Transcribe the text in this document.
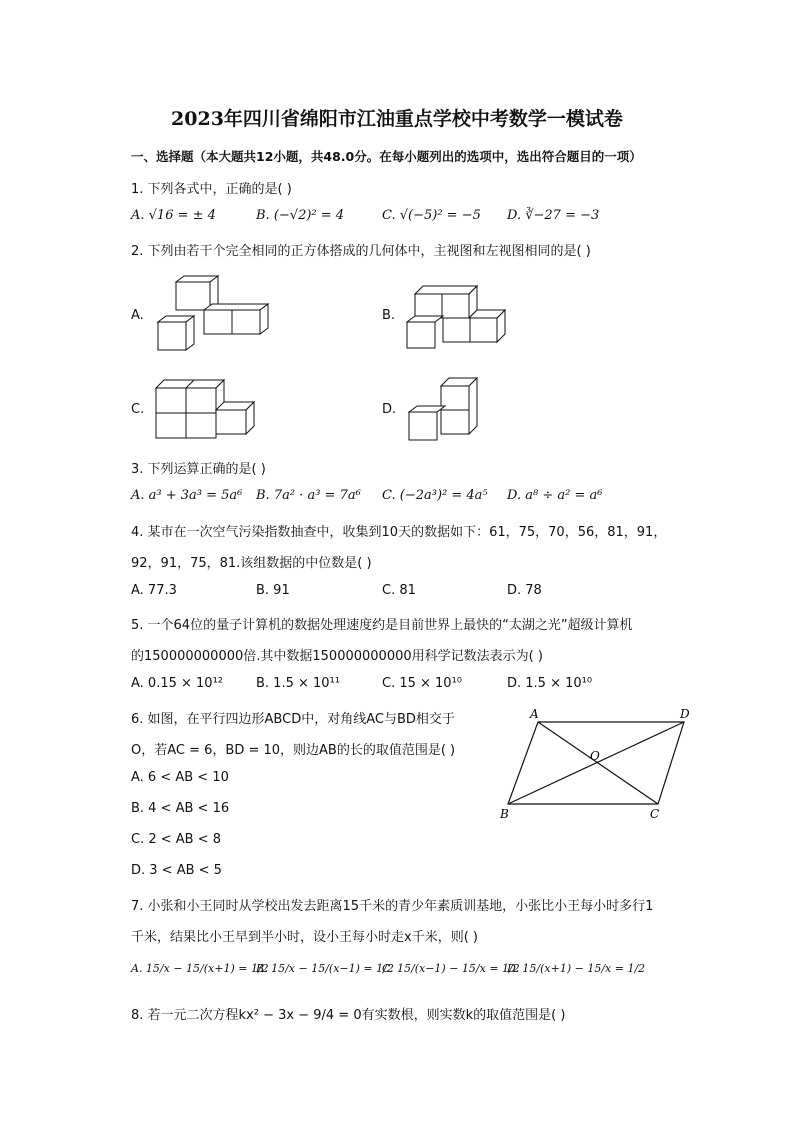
2023年四川省绵阳市江油重点学校中考数学一模试卷
一、选择题（本大题共12小题，共48.0分。在每小题列出的选项中，选出符合题目的一项）
1. 下列各式中，正确的是( )
A. √16 = ± 4	B. (−√2)² = 4	C. √(−5)² = −5 D. ∛−27 = −3
2. 下列由若干个完全相同的正方体搭成的几何体中，主视图和左视图相同的是( )
A.	B.
C.	D.
3. 下列运算正确的是( )
A. a³ + 3a³ = 5a⁶ B. 7a² · a³ = 7a⁶ C. (−2a³)² = 4a⁵ D. a⁸ ÷ a² = a⁶
4. 某市在一次空气污染指数抽查中，收集到10天的数据如下：61，75，70，56，81，91，
92，91，75，81.该组数据的中位数是( )
A. 77.3	B. 91	C. 81	D. 78
5. 一个64位的量子计算机的数据处理速度约是目前世界上最快的“太湖之光”超级计算机
的150000000000倍.其中数据150000000000用科学记数法表示为( )
A. 0.15 × 10¹²	B. 1.5 × 10¹¹	C. 15 × 10¹⁰	D. 1.5 × 10¹⁰
6. 如图，在平行四边形ABCD中，对角线AC与BD相交于
O，若AC = 6，BD = 10，则边AB的长的取值范围是( )
A. 6 < AB < 10
B. 4 < AB < 16
C. 2 < AB < 8
D. 3 < AB < 5
A	D
B	C
O
7. 小张和小王同时从学校出发去距离15千米的青少年素质训基地，小张比小王每小时多行1
千米，结果比小王早到半小时，设小王每小时走x千米，则( )
A. 15/x − 15/(x+1) = 1/2
B. 15/x − 15/(x−1) = 1/2
C. 15/(x−1) − 15/x = 1/2
D. 15/(x+1) − 15/x = 1/2
8. 若一元二次方程kx² − 3x − 9/4 = 0有实数根，则实数k的取值范围是( )
